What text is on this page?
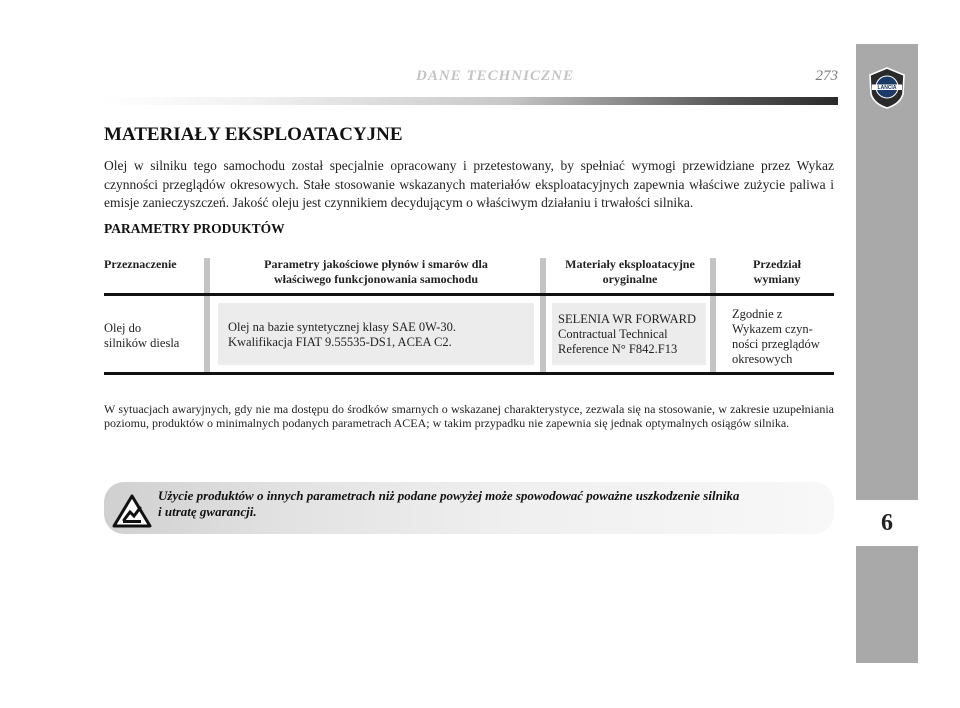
DANE TECHNICZNE	273
LANCIA
6
MATERIAŁY EKSPLOATACYJNE

Olej w silniku tego samochodu został specjalnie opracowany i przetestowany, by spełniać wymogi przewidziane przez Wykaz czynności przeglądów okresowych. Stałe stosowanie wskazanych materiałów eksploatacyjnych zapewnia właściwe zużycie paliwa i emisje zanieczyszczeń. Jakość oleju jest czynnikiem decydującym o właściwym działaniu i trwałości silnika.

PARAMETRY PRODUKTÓW
Przeznaczenie	Parametry jakościowe płynów i smarów dla
właściwego funkcjonowania samochodu
Materiały eksploatacyjne
oryginalne
Przedział
wymiany
Olej do
silników diesla
Olej na bazie syntetycznej klasy SAE 0W-30.
Kwalifikacja FIAT 9.55535-DS1, ACEA C2.
SELENIA WR FORWARD
Contractual Technical
Reference N° F842.F13
Zgodnie z
Wykazem czyn-
ności przeglądów
okresowych

W sytuacjach awaryjnych, gdy nie ma dostępu do środków smarnych o wskazanej charakterystyce, zezwala się na stosowanie, w zakresie uzupełniania poziomu, produktów o minimalnych podanych parametrach ACEA; w takim przypadku nie zapewnia się jednak optymalnych osiągów silnika.

Użycie produktów o innych parametrach niż podane powyżej może spowodować poważne uszkodzenie silnika
i utratę gwarancji.
